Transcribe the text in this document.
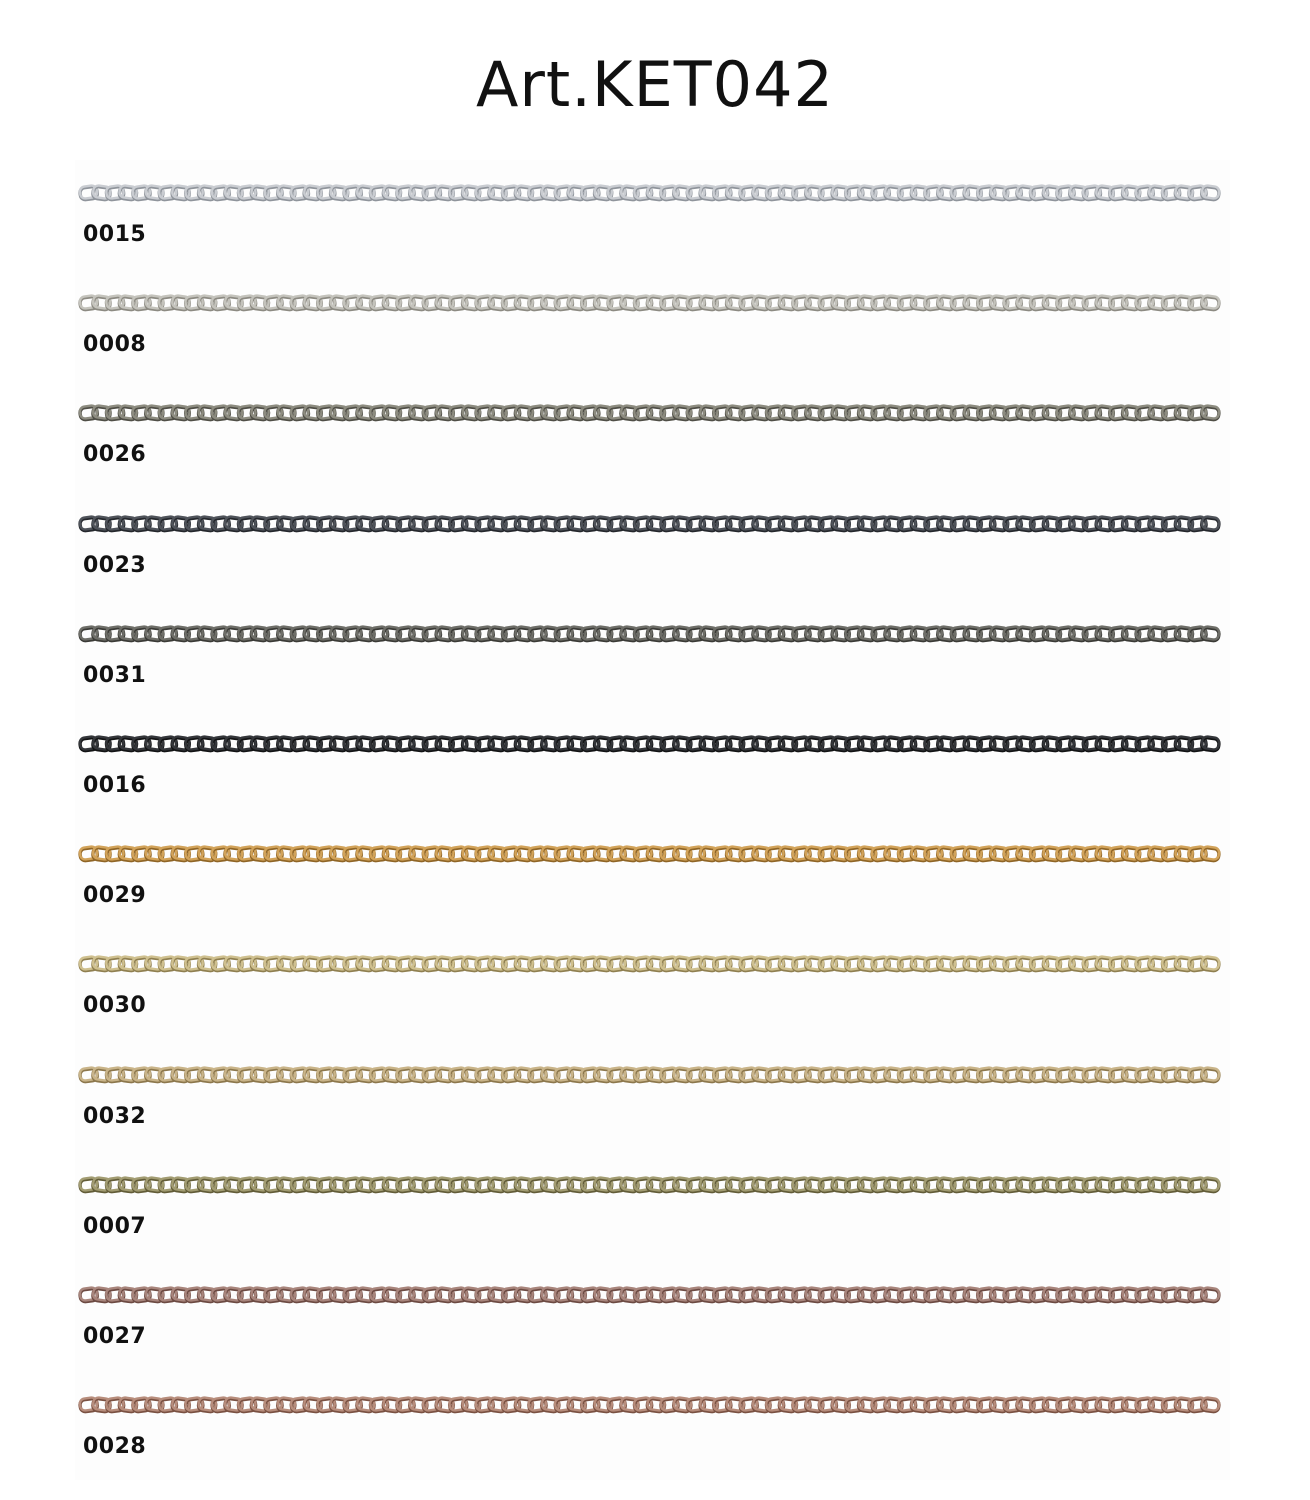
Art.KET042
0015
0008
0026
0023
0031
0016
0029
0030
0032
0007
0027
0028
